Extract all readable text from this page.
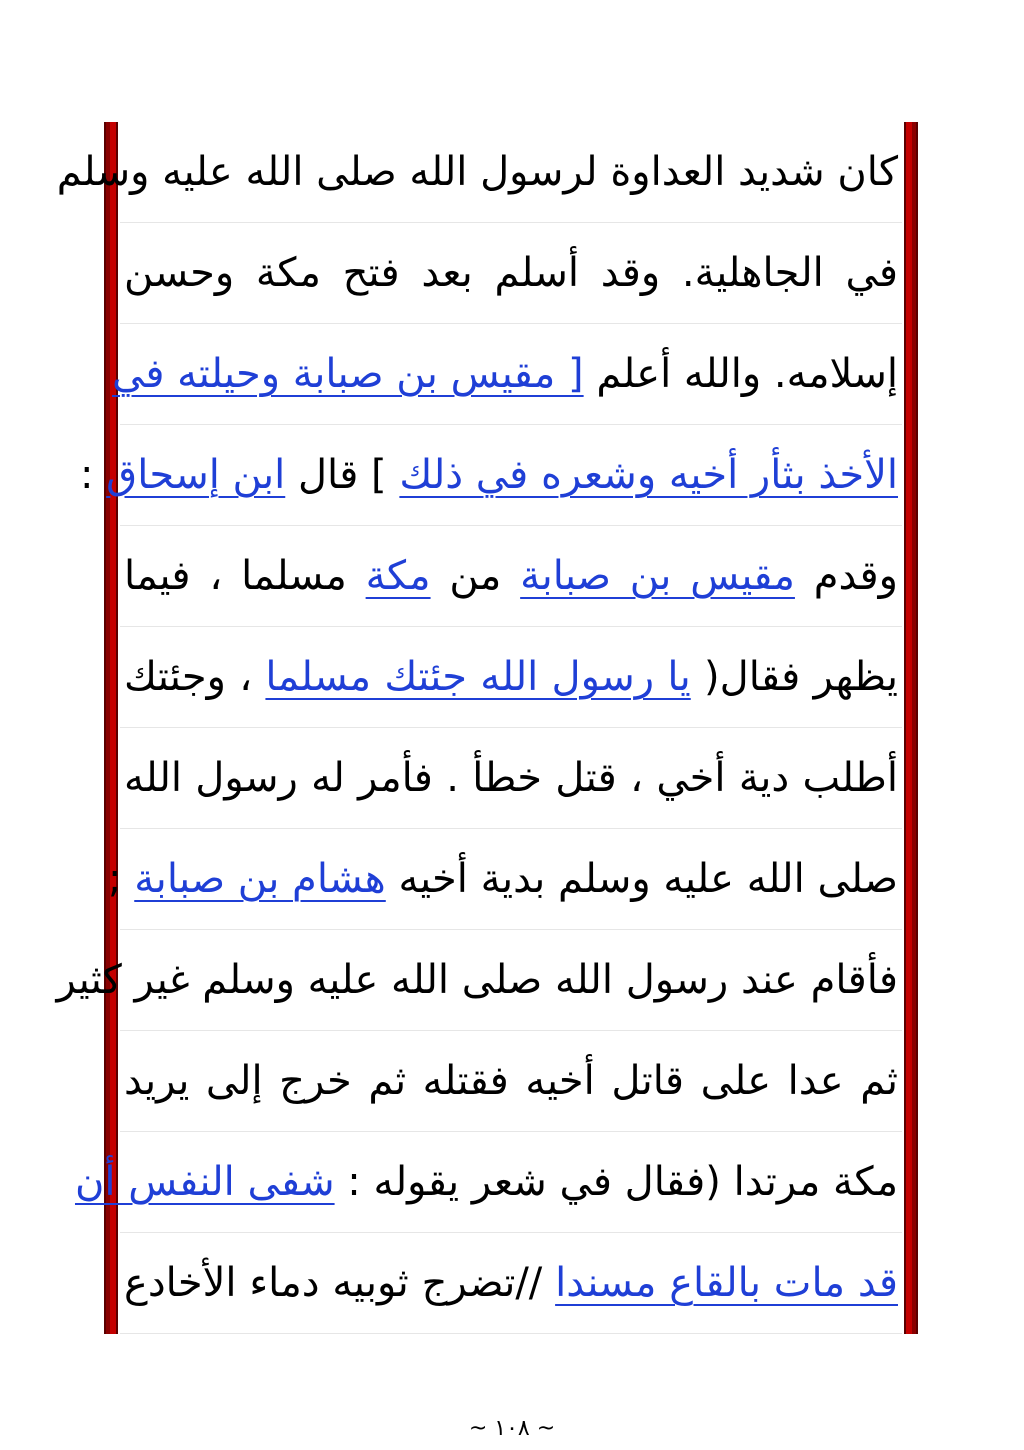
كان شديد العداوة لرسول الله صلى الله عليه وسلم
في الجاهلية. وقد أسلم بعد فتح مكة وحسن
إسلامه. والله أعلم [ مقيس بن صبابة وحيلته في
الأخذ بثأر أخيه وشعره في ذلك ] قال ابن إسحاق :
وقدم مقيس بن صبابة من مكة مسلما ، فيما
يظهر فقال( يا رسول الله جئتك مسلما ، وجئتك
أطلب دية أخي ، قتل خطأ . فأمر له رسول الله
صلى الله عليه وسلم بدية أخيه هشام بن صبابة ;
فأقام عند رسول الله صلى الله عليه وسلم غير كثير
ثم عدا على قاتل أخيه فقتله ثم خرج إلى يريد
مكة مرتدا (فقال في شعر يقوله : شفى النفس أن
قد مات بالقاع مسندا //تضرج ثوبيه دماء الأخادع
~ ١٠٨ ~
